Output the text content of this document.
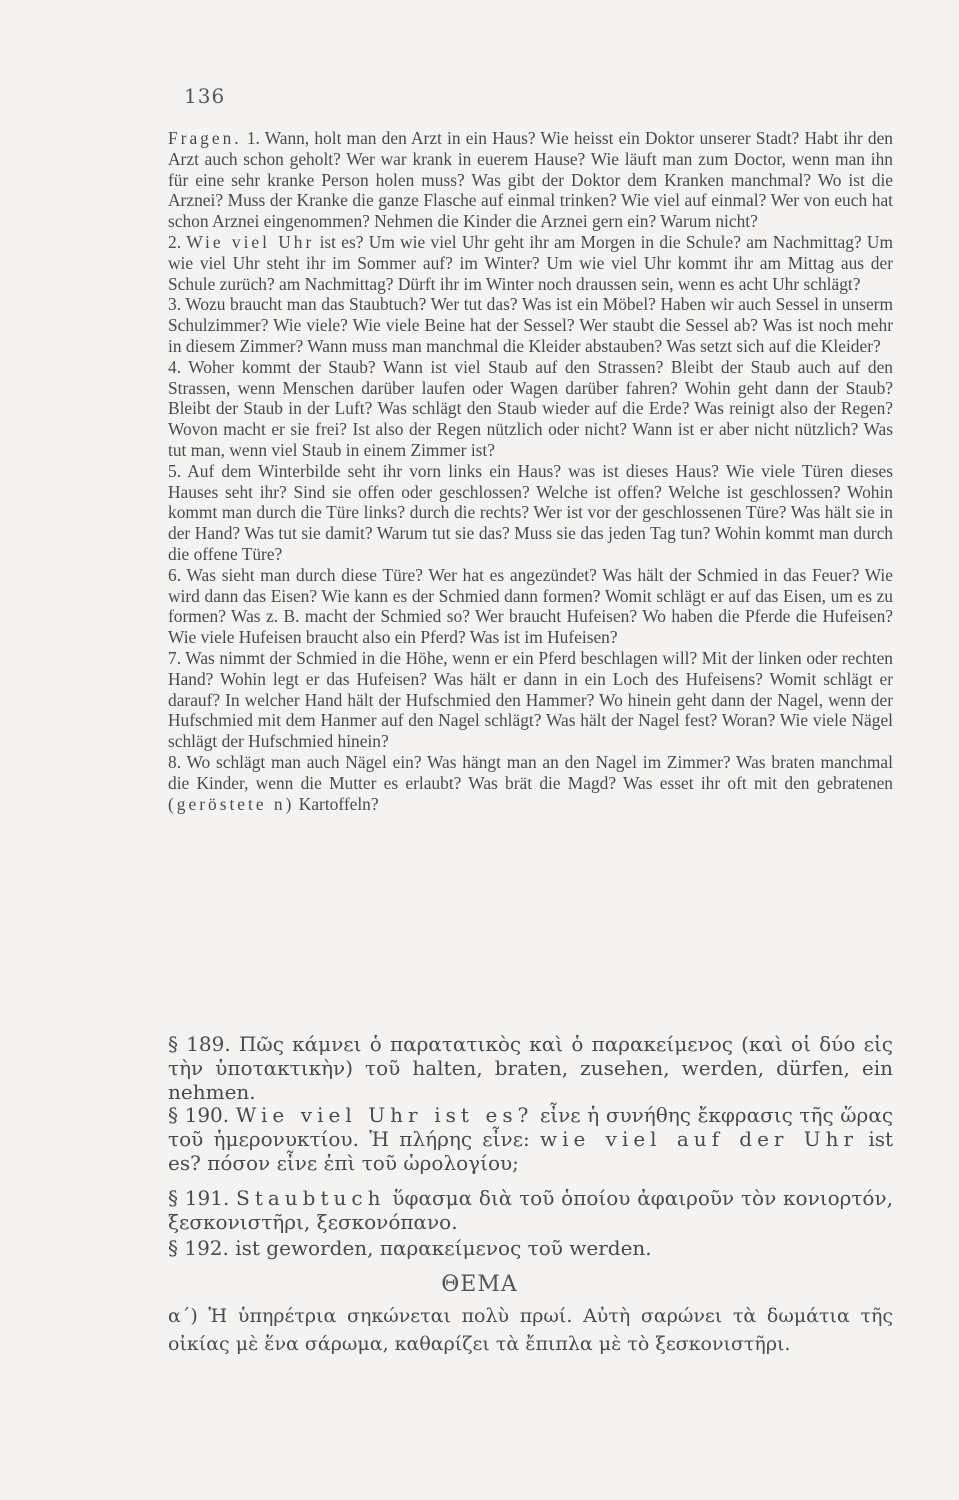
136

Fragen. 1. Wann, holt man den Arzt in ein Haus? Wie heisst ein Doktor unserer Stadt? Habt ihr den Arzt auch schon geholt? Wer war krank in euerem Hause? Wie läuft man zum Doctor, wenn man ihn für eine sehr kranke Person holen muss? Was gibt der Doktor dem Kranken manchmal? Wo ist die Arznei? Muss der Kranke die ganze Flasche auf einmal trinken? Wie viel auf einmal? Wer von euch hat schon Arznei eingenommen? Nehmen die Kinder die Arznei gern ein? Warum nicht?

2. Wie viel Uhr ist es? Um wie viel Uhr geht ihr am Morgen in die Schule? am Nachmittag? Um wie viel Uhr steht ihr im Sommer auf? im Winter? Um wie viel Uhr kommt ihr am Mittag aus der Schule zurüch? am Nachmittag? Dürft ihr im Winter noch draussen sein, wenn es acht Uhr schlägt?

3. Wozu braucht man das Staubtuch? Wer tut das? Was ist ein Möbel? Haben wir auch Sessel in unserm Schulzimmer? Wie viele? Wie viele Beine hat der Sessel? Wer staubt die Sessel ab? Was ist noch mehr in diesem Zimmer? Wann muss man manchmal die Kleider abstauben? Was setzt sich auf die Kleider?

4. Woher kommt der Staub? Wann ist viel Staub auf den Strassen? Bleibt der Staub auch auf den Strassen, wenn Menschen darüber laufen oder Wagen darüber fahren? Wohin geht dann der Staub? Bleibt der Staub in der Luft? Was schlägt den Staub wieder auf die Erde? Was reinigt also der Regen? Wovon macht er sie frei? Ist also der Regen nützlich oder nicht? Wann ist er aber nicht nützlich? Was tut man, wenn viel Staub in einem Zimmer ist?

5. Auf dem Winterbilde seht ihr vorn links ein Haus? was ist dieses Haus? Wie viele Türen dieses Hauses seht ihr? Sind sie offen oder geschlossen? Welche ist offen? Welche ist geschlossen? Wohin kommt man durch die Türe links? durch die rechts? Wer ist vor der geschlossenen Türe? Was hält sie in der Hand? Was tut sie damit? Warum tut sie das? Muss sie das jeden Tag tun? Wohin kommt man durch die offene Türe?

6. Was sieht man durch diese Türe? Wer hat es angezündet? Was hält der Schmied in das Feuer? Wie wird dann das Eisen? Wie kann es der Schmied dann formen? Womit schlägt er auf das Eisen, um es zu formen? Was z. B. macht der Schmied so? Wer braucht Hufeisen? Wo haben die Pferde die Hufeisen? Wie viele Hufeisen braucht also ein Pferd? Was ist im Hufeisen?

7. Was nimmt der Schmied in die Höhe, wenn er ein Pferd beschlagen will? Mit der linken oder rechten Hand? Wohin legt er das Hufeisen? Was hält er dann in ein Loch des Hufeisens? Womit schlägt er darauf? In welcher Hand hält der Hufschmied den Hammer? Wo hinein geht dann der Nagel, wenn der Hufschmied mit dem Hanmer auf den Nagel schlägt? Was hält der Nagel fest? Woran? Wie viele Nägel schlägt der Hufschmied hinein?

8. Wo schlägt man auch Nägel ein? Was hängt man an den Nagel im Zimmer? Was braten manchmal die Kinder, wenn die Mutter es erlaubt? Was brät die Magd? Was esset ihr oft mit den gebratenen (geröstete n) Kartoffeln?

§ 189. Πῶς κάμνει ὁ παρατατικὸς καὶ ὁ παρακείμενος (καὶ οἱ δύο εἰς τὴν ὑποτακτικὴν) τοῦ halten, braten, zusehen, werden, dürfen, ein nehmen.
§ 190. Wie viel Uhr ist es? εἶνε ἡ συνήθης ἔκφρασις τῆς ὥρας τοῦ ἡμερονυκτίου. Ἡ πλήρης εἶνε: wie viel auf der Uhr ist es? πόσον εἶνε ἐπὶ τοῦ ὡρολογίου;
§ 191. Staubtuch ὕφασμα διὰ τοῦ ὁποίου ἀφαιροῦν τὸν κονιορτόν, ξεσκονιστῆρι, ξεσκονόπανο.
§ 192. ist geworden, παρακείμενος τοῦ werden.
ΘΕΜΑ
α΄) Ἡ ὑπηρέτρια σηκώνεται πολὺ πρωί. Αὐτὴ σαρώνει τὰ δωμάτια τῆς οἰκίας μὲ ἕνα σάρωμα, καθαρίζει τὰ ἔπιπλα μὲ τὸ ξεσκονιστῆρι.
